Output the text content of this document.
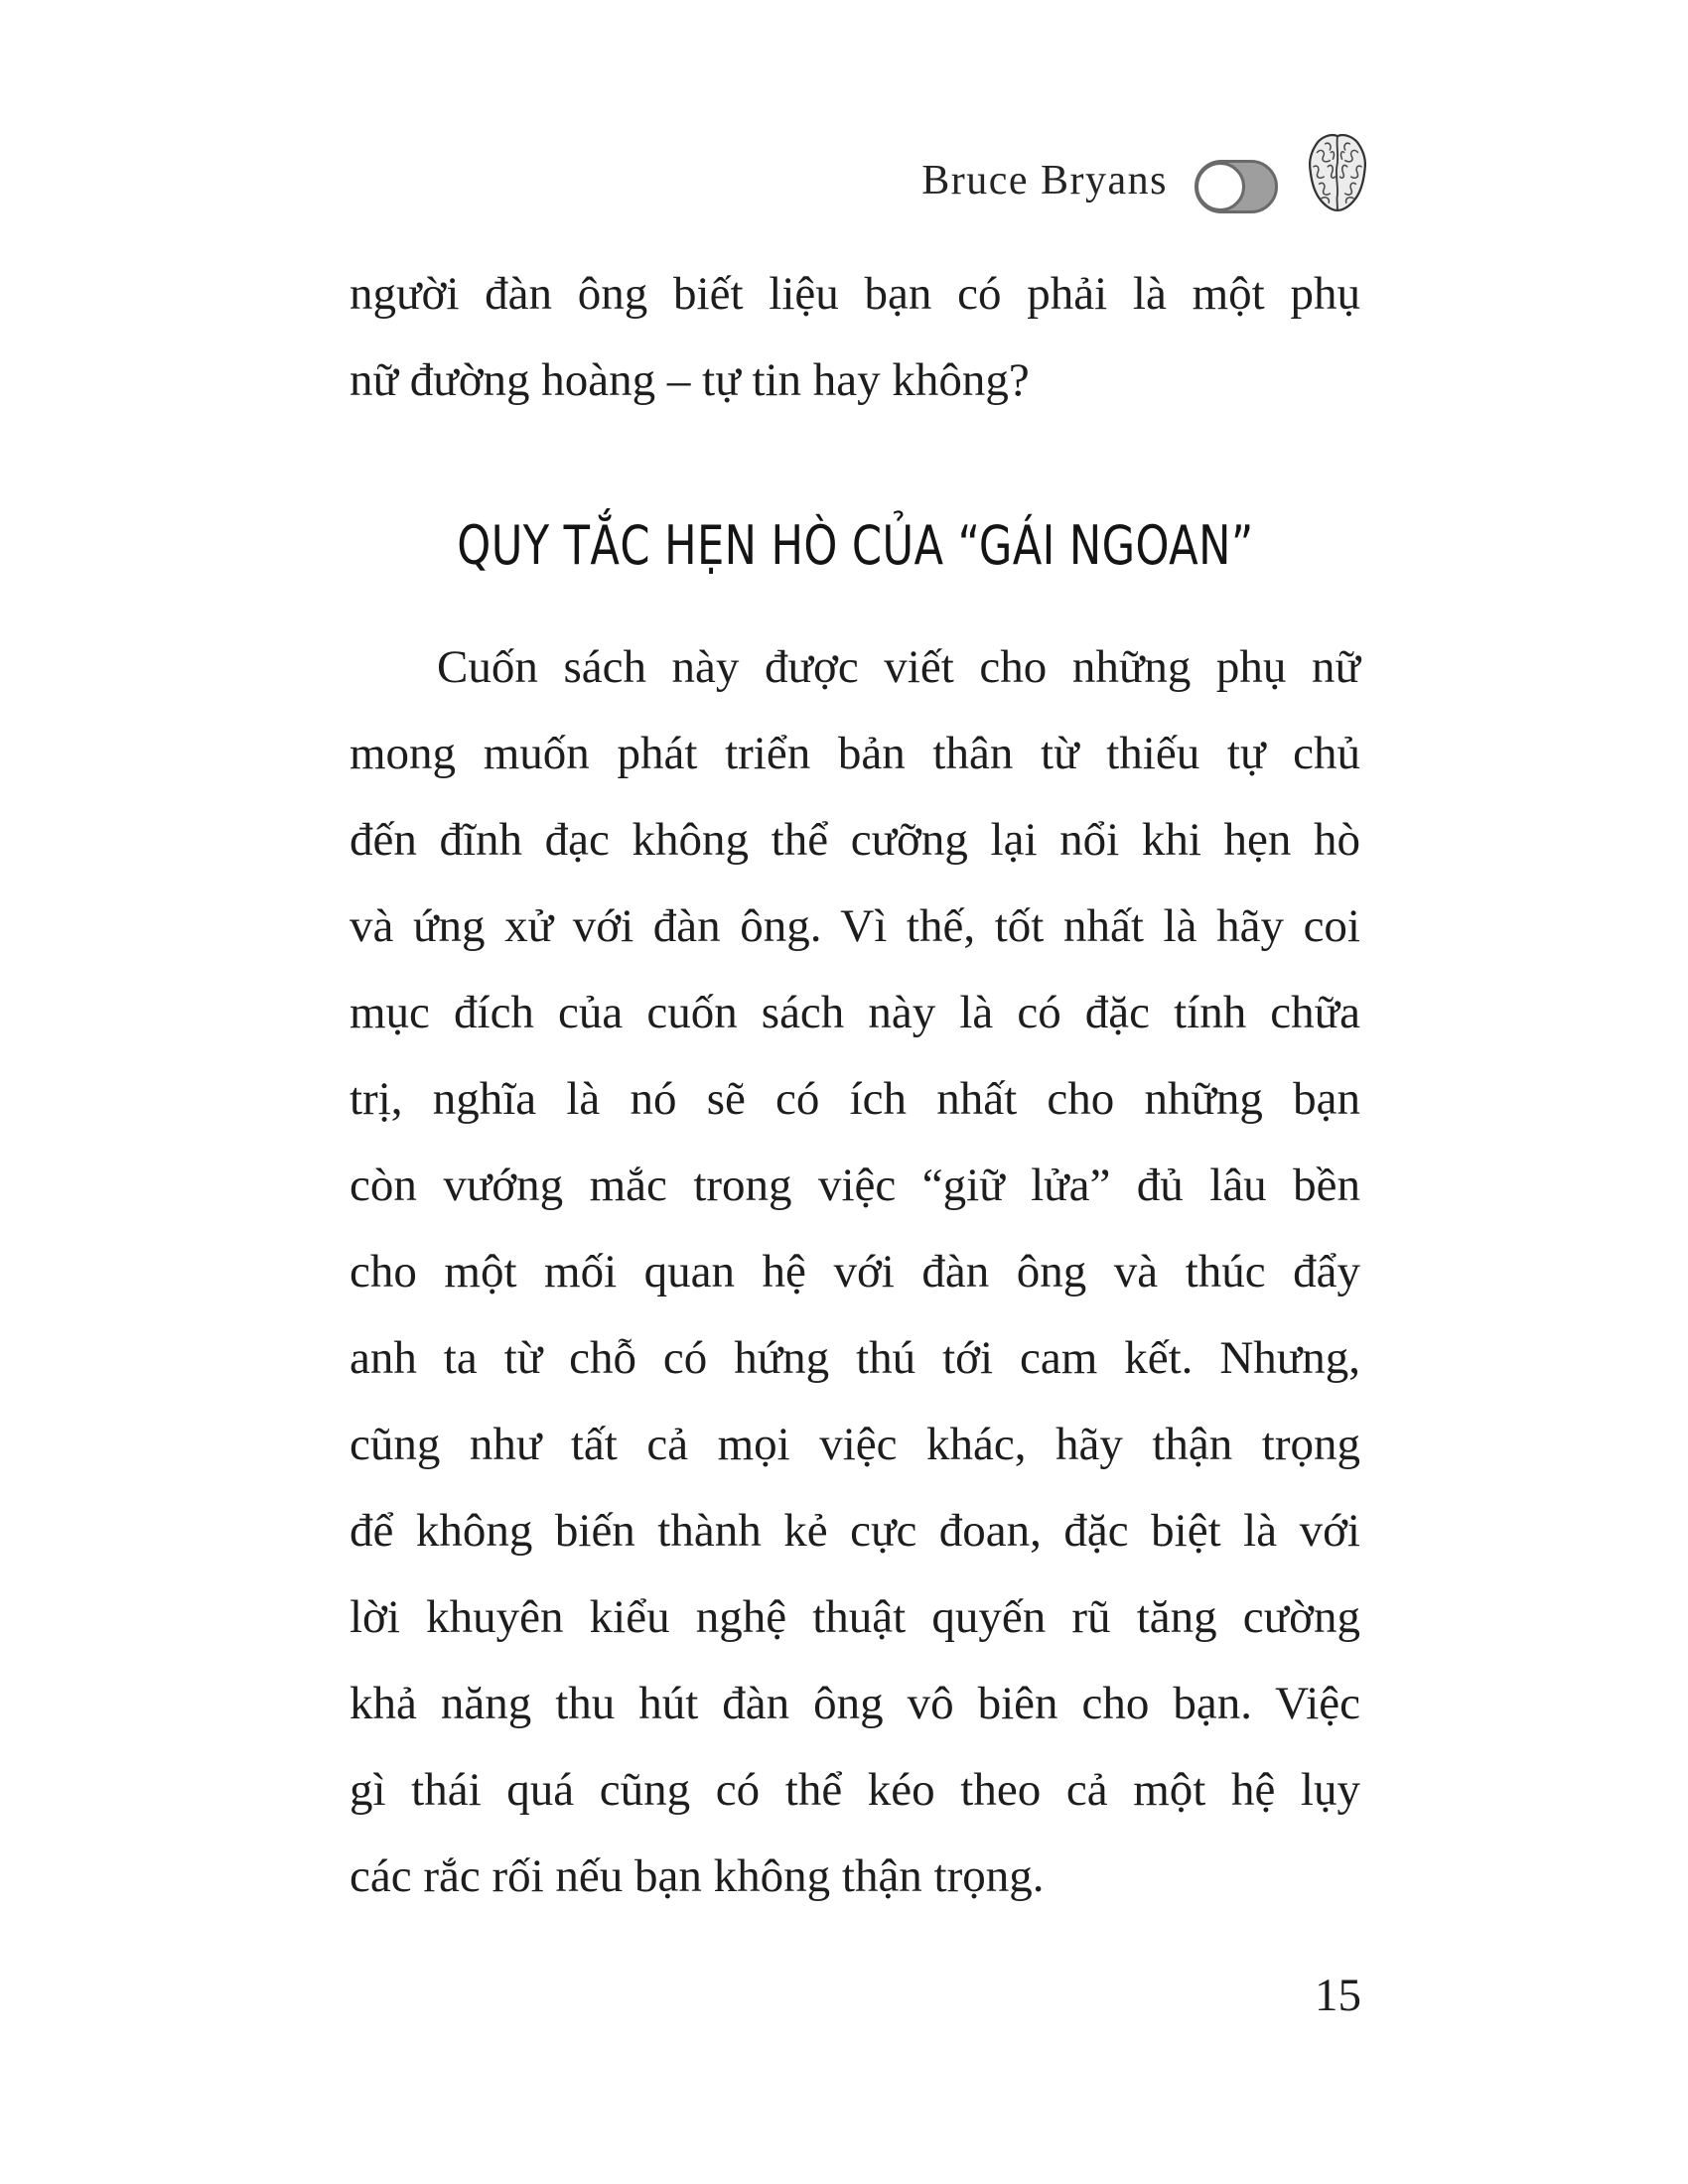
Bruce Bryans
người đàn ông biết liệu bạn có phải là một phụ
nữ đường hoàng – tự tin hay không?
QUY TẮC HẸN HÒ CỦA “GÁI NGOAN”
Cuốn sách này được viết cho những phụ nữ
mong muốn phát triển bản thân từ thiếu tự chủ
đến đĩnh đạc không thể cưỡng lại nổi khi hẹn hò
và ứng xử với đàn ông. Vì thế, tốt nhất là hãy coi
mục đích của cuốn sách này là có đặc tính chữa
trị, nghĩa là nó sẽ có ích nhất cho những bạn
còn vướng mắc trong việc “giữ lửa” đủ lâu bền
cho một mối quan hệ với đàn ông và thúc đẩy
anh ta từ chỗ có hứng thú tới cam kết. Nhưng,
cũng như tất cả mọi việc khác, hãy thận trọng
để không biến thành kẻ cực đoan, đặc biệt là với
lời khuyên kiểu nghệ thuật quyến rũ tăng cường
khả năng thu hút đàn ông vô biên cho bạn. Việc
gì thái quá cũng có thể kéo theo cả một hệ lụy
các rắc rối nếu bạn không thận trọng.
15
